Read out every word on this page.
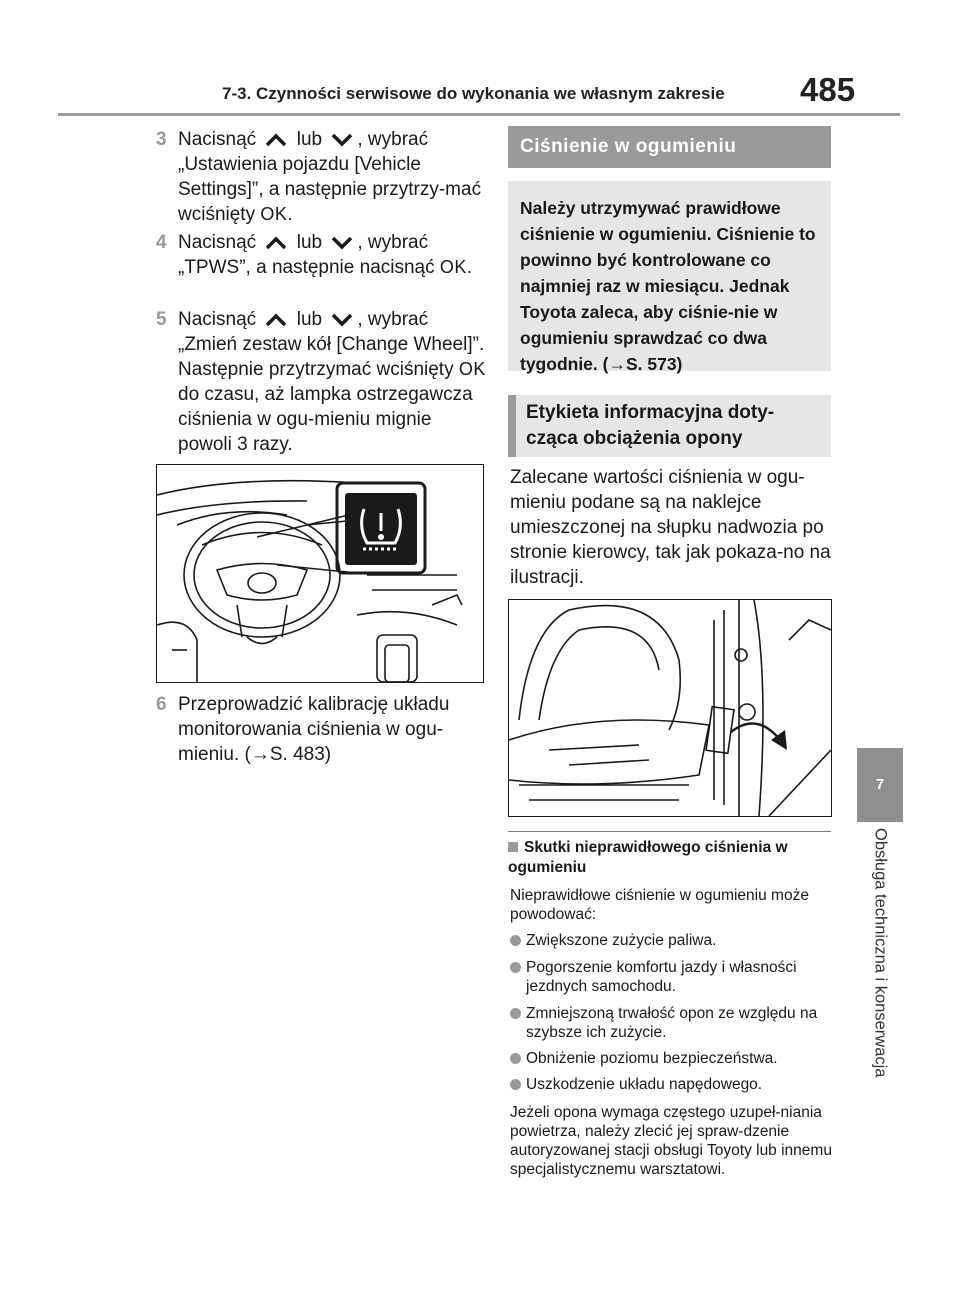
7-3. Czynności serwisowe do wykonania we własnym zakresie 485
7
Obsługa techniczna i konserwacja
3 Nacisnąć lub , wybrać „Ustawienia pojazdu [Vehicle Settings]”, a następnie przytrzy-mać wciśnięty OK.
4 Nacisnąć lub , wybrać „TPWS”, a następnie nacisnąć OK.
5 Nacisnąć lub , wybrać „Zmień zestaw kół [Change Wheel]”. Następnie przytrzymać wciśnięty OK do czasu, aż lampka ostrzegawcza ciśnienia w ogu-mieniu mignie powoli 3 razy.
6 Przeprowadzić kalibrację układu monitorowania ciśnienia w ogu-mieniu. (→S. 483)
Ciśnienie w ogumieniu
Należy utrzymywać prawidłowe ciśnienie w ogumieniu. Ciśnienie to powinno być kontrolowane co najmniej raz w miesiącu. Jednak Toyota zaleca, aby ciśnie-nie w ogumieniu sprawdzać co dwa tygodnie. (→S. 573)
Etykieta informacyjna doty-cząca obciążenia opony
Zalecane wartości ciśnienia w ogu-mieniu podane są na naklejce umieszczonej na słupku nadwozia po stronie kierowcy, tak jak pokaza-no na ilustracji.
Skutki nieprawidłowego ciśnienia w ogumieniu
Nieprawidłowe ciśnienie w ogumieniu może powodować:
Zwiększone zużycie paliwa.
Pogorszenie komfortu jazdy i własności jezdnych samochodu.
Zmniejszoną trwałość opon ze względu na szybsze ich zużycie.
Obniżenie poziomu bezpieczeństwa.
Uszkodzenie układu napędowego.
Jeżeli opona wymaga częstego uzupeł-niania powietrza, należy zlecić jej spraw-dzenie autoryzowanej stacji obsługi Toyoty lub innemu specjalistycznemu warsztatowi.
